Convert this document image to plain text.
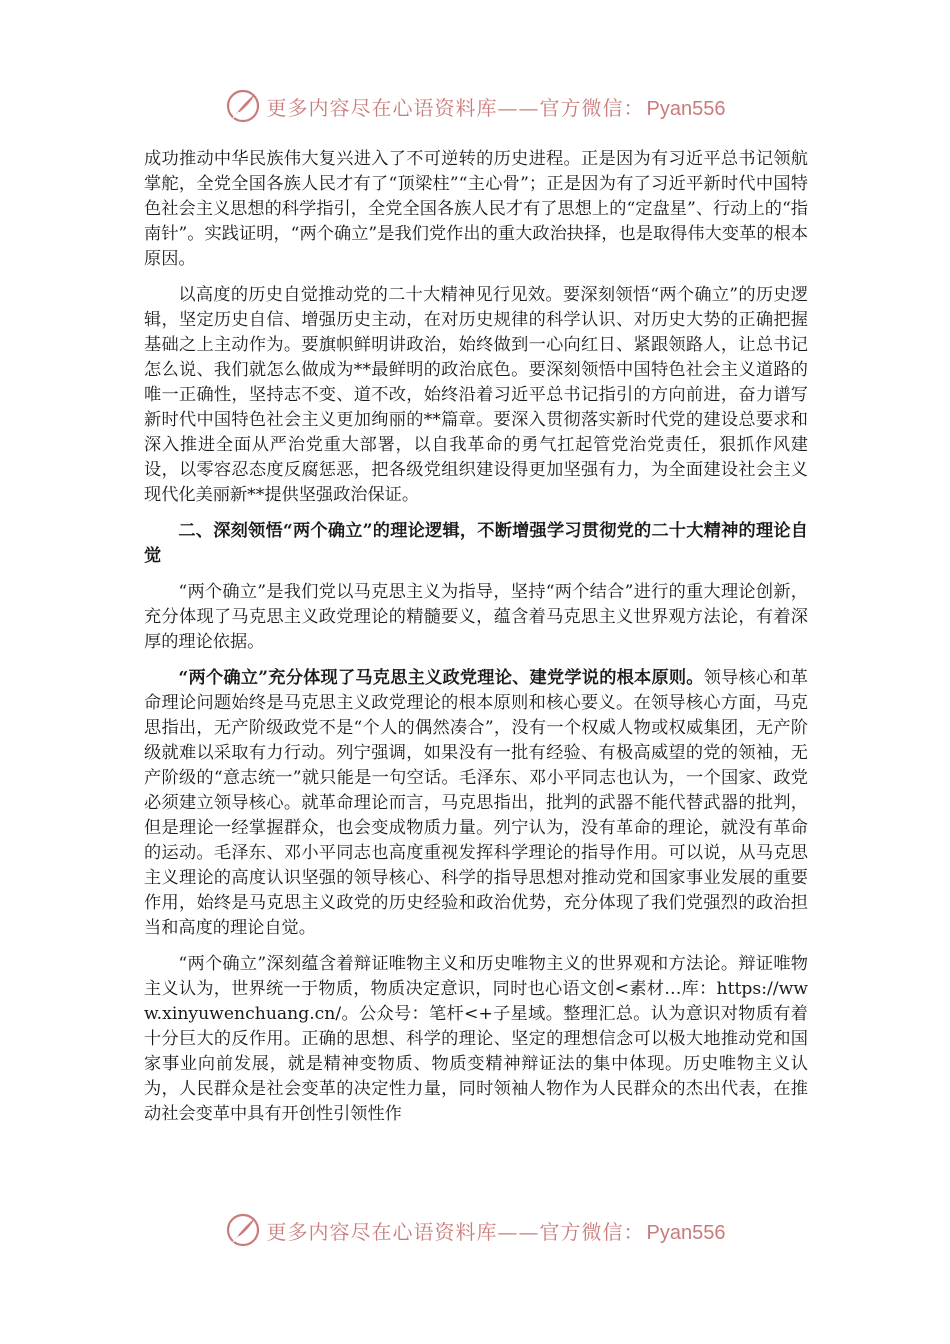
更多内容尽在心语资料库——官方微信： Pyan556

成功推动中华民族伟大复兴进入了不可逆转的历史进程。正是因为有习近平总书记领航掌舵，全党全国各族人民才有了“顶梁柱”“主心骨”；正是因为有了习近平新时代中国特色社会主义思想的科学指引，全党全国各族人民才有了思想上的“定盘星”、行动上的“指南针”。实践证明，“两个确立”是我们党作出的重大政治抉择，也是取得伟大变革的根本原因。

以高度的历史自觉推动党的二十大精神见行见效。要深刻领悟“两个确立”的历史逻辑，坚定历史自信、增强历史主动，在对历史规律的科学认识、对历史大势的正确把握基础之上主动作为。要旗帜鲜明讲政治，始终做到一心向红日、紧跟领路人，让总书记怎么说、我们就怎么做成为**最鲜明的政治底色。要深刻领悟中国特色社会主义道路的唯一正确性，坚持志不变、道不改，始终沿着习近平总书记指引的方向前进，奋力谱写新时代中国特色社会主义更加绚丽的**篇章。要深入贯彻落实新时代党的建设总要求和深入推进全面从严治党重大部署，以自我革命的勇气扛起管党治党责任，狠抓作风建设，以零容忍态度反腐惩恶，把各级党组织建设得更加坚强有力，为全面建设社会主义现代化美丽新**提供坚强政治保证。

二、深刻领悟“两个确立”的理论逻辑，不断增强学习贯彻党的二十大精神的理论自觉

“两个确立”是我们党以马克思主义为指导，坚持“两个结合”进行的重大理论创新，充分体现了马克思主义政党理论的精髓要义，蕴含着马克思主义世界观方法论，有着深厚的理论依据。

“两个确立”充分体现了马克思主义政党理论、建党学说的根本原则。领导核心和革命理论问题始终是马克思主义政党理论的根本原则和核心要义。在领导核心方面，马克思指出，无产阶级政党不是“个人的偶然凑合”，没有一个权威人物或权威集团，无产阶级就难以采取有力行动。列宁强调，如果没有一批有经验、有极高威望的党的领袖，无产阶级的“意志统一”就只能是一句空话。毛泽东、邓小平同志也认为，一个国家、政党必须建立领导核心。就革命理论而言，马克思指出，批判的武器不能代替武器的批判，但是理论一经掌握群众，也会变成物质力量。列宁认为，没有革命的理论，就没有革命的运动。毛泽东、邓小平同志也高度重视发挥科学理论的指导作用。可以说，从马克思主义理论的高度认识坚强的领导核心、科学的指导思想对推动党和国家事业发展的重要作用，始终是马克思主义政党的历史经验和政治优势，充分体现了我们党强烈的政治担当和高度的理论自觉。

“两个确立”深刻蕴含着辩证唯物主义和历史唯物主义的世界观和方法论。辩证唯物主义认为，世界统一于物质，物质决定意识，同时也心语文创<素材…库：https://www.xinyuwenchuang.cn/。公众号：笔杆<+子星域。整理汇总。认为意识对物质有着十分巨大的反作用。正确的思想、科学的理论、坚定的理想信念可以极大地推动党和国家事业向前发展，就是精神变物质、物质变精神辩证法的集中体现。历史唯物主义认为，人民群众是社会变革的决定性力量，同时领袖人物作为人民群众的杰出代表，在推动社会变革中具有开创性引领性作

更多内容尽在心语资料库——官方微信： Pyan556
